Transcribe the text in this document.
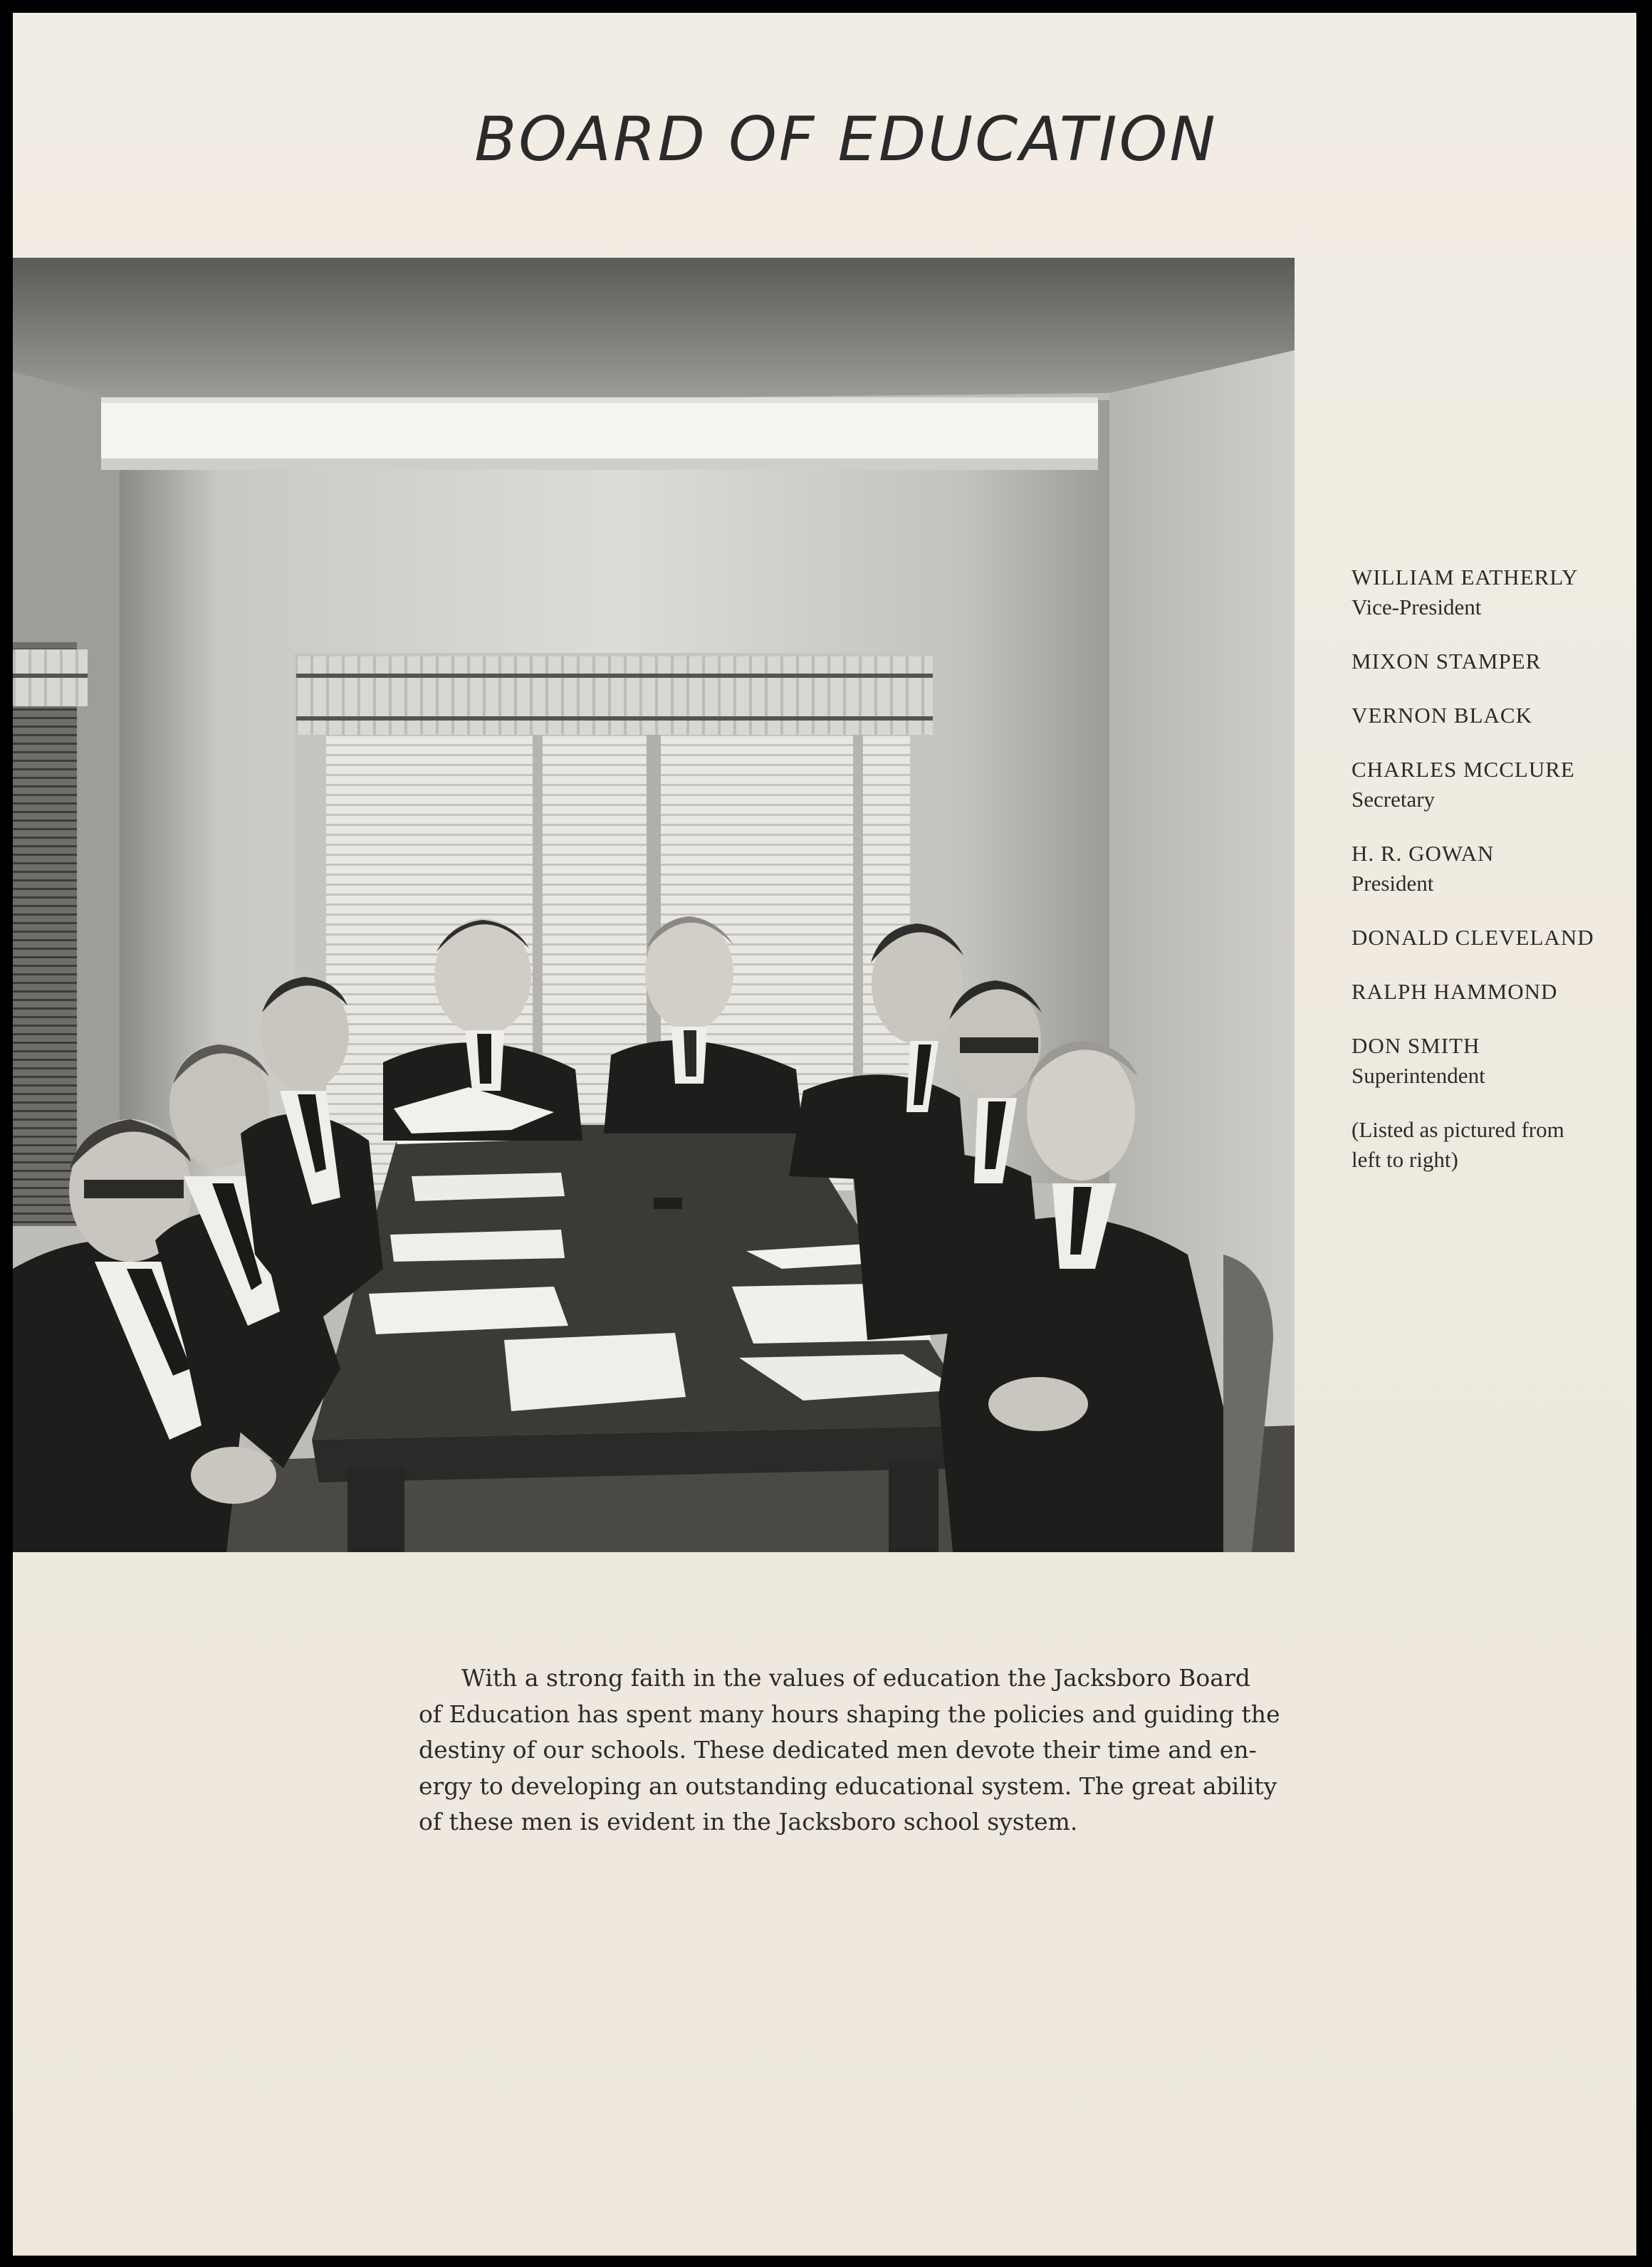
BOARD OF EDUCATION
WILLIAM EATHERLY
Vice-President
MIXON STAMPER
VERNON BLACK
CHARLES MCCLURE
Secretary
H. R. GOWAN
President
DONALD CLEVELAND
RALPH HAMMOND
DON SMITH
Superintendent
(Listed as pictured from
left to right)

With a strong faith in the values of education the Jacksboro Board
of Education has spent many hours shaping the policies and guiding the
destiny of our schools. These dedicated men devote their time and en-
ergy to developing an outstanding educational system. The great ability
of these men is evident in the Jacksboro school system.
